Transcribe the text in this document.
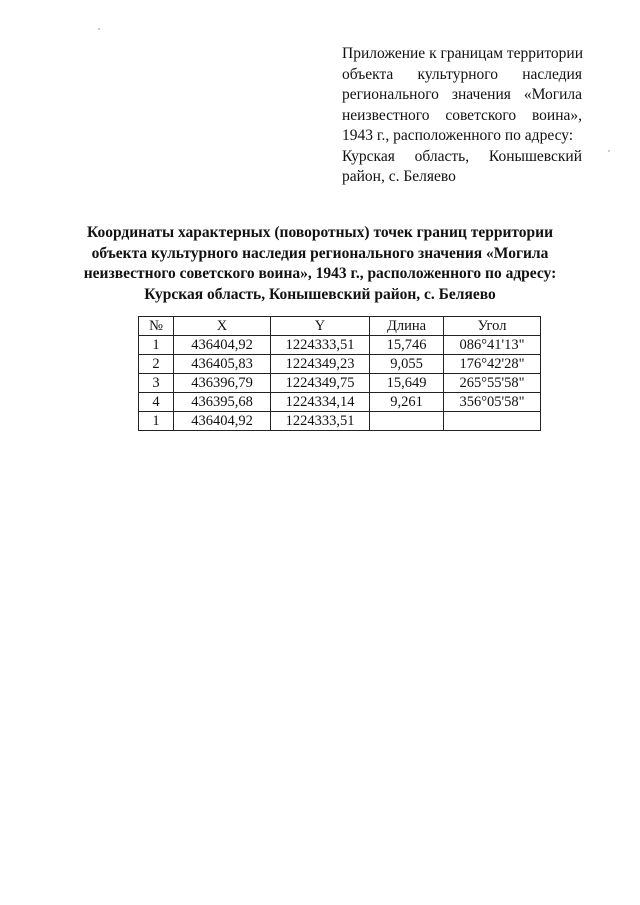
Приложение к границам территории
объекта культурного наследия
регионального значения «Могила
неизвестного советского воина»,
1943 г., расположенного по адресу:
Курская область, Конышевский
район, с. Беляево
Координаты характерных (поворотных) точек границ территории
объекта культурного наследия регионального значения «Могила
неизвестного советского воина», 1943 г., расположенного по адресу:
Курская область, Конышевский район, с. Беляево
№	X	Y	Длина	Угол
1	436404,92	1224333,51	15,746	086°41'13"
2	436405,83	1224349,23	9,055	176°42'28"
3	436396,79	1224349,75	15,649	265°55'58"
4	436395,68	1224334,14	9,261	356°05'58"
1	436404,92	1224333,51		
